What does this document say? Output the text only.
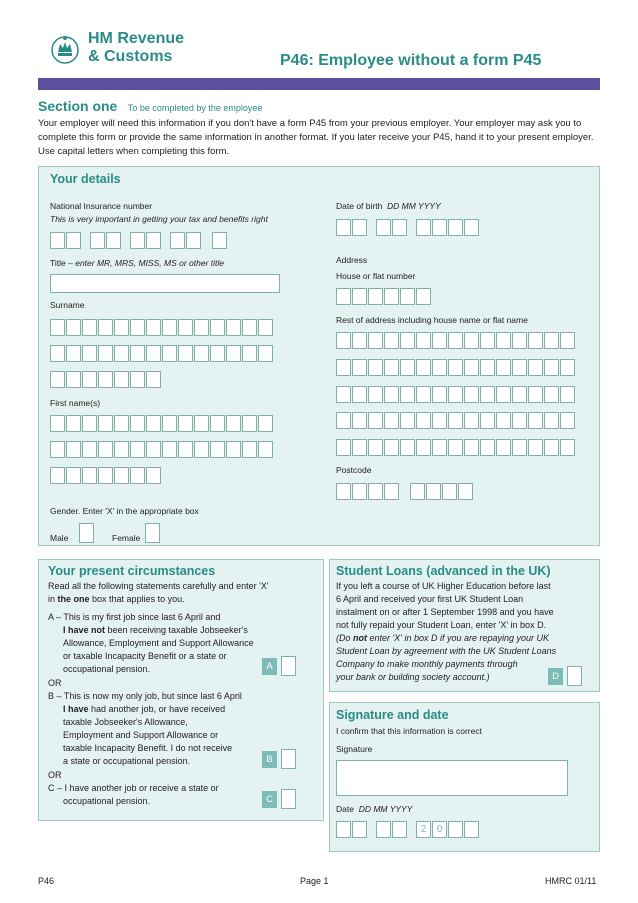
HM Revenue
& Customs	P46: Employee without a form P45
Section one To be completed by the employee
Your employer will need this information if you don't have a form P45 from your previous employer. Your employer may ask you to complete this form or provide the same information in another format. If you later receive your P45, hand it to your present employer. Use capital letters when completing this form.
Your details
National Insurance number
This is very important in getting your tax and benefits right
Date of birth DD MM YYYY
Title – enter MR, MRS, MISS, MS or other title	Address
House or flat number
Surname
Rest of address including house name or flat name
First name(s)
Postcode
Gender. Enter 'X' in the appropriate box
Male	Female
Your present circumstances
Read all the following statements carefully and enter 'X'
in the one box that applies to you.
A – This is my first job since last 6 April and
I have not been receiving taxable Jobseeker's
Allowance, Employment and Support Allowance
or taxable Incapacity Benefit or a state or
occupational pension.	A
OR
B – This is now my only job, but since last 6 April
I have had another job, or have received
taxable Jobseeker's Allowance,
Employment and Support Allowance or
taxable Incapacity Benefit. I do not receive
a state or occupational pension.	B
OR
C – I have another job or receive a state or
occupational pension.	C
Student Loans (advanced in the UK)
If you left a course of UK Higher Education before last
6 April and received your first UK Student Loan
instalment on or after 1 September 1998 and you have
not fully repaid your Student Loan, enter 'X' in box D.
(Do not enter 'X' in box D if you are repaying your UK
Student Loan by agreement with the UK Student Loans
Company to make monthly payments through
your bank or building society account.)	D
Signature and date
I confirm that this information is correct
Signature
Date DD MM YYYY
2	0
P46	Page 1	HMRC 01/11
